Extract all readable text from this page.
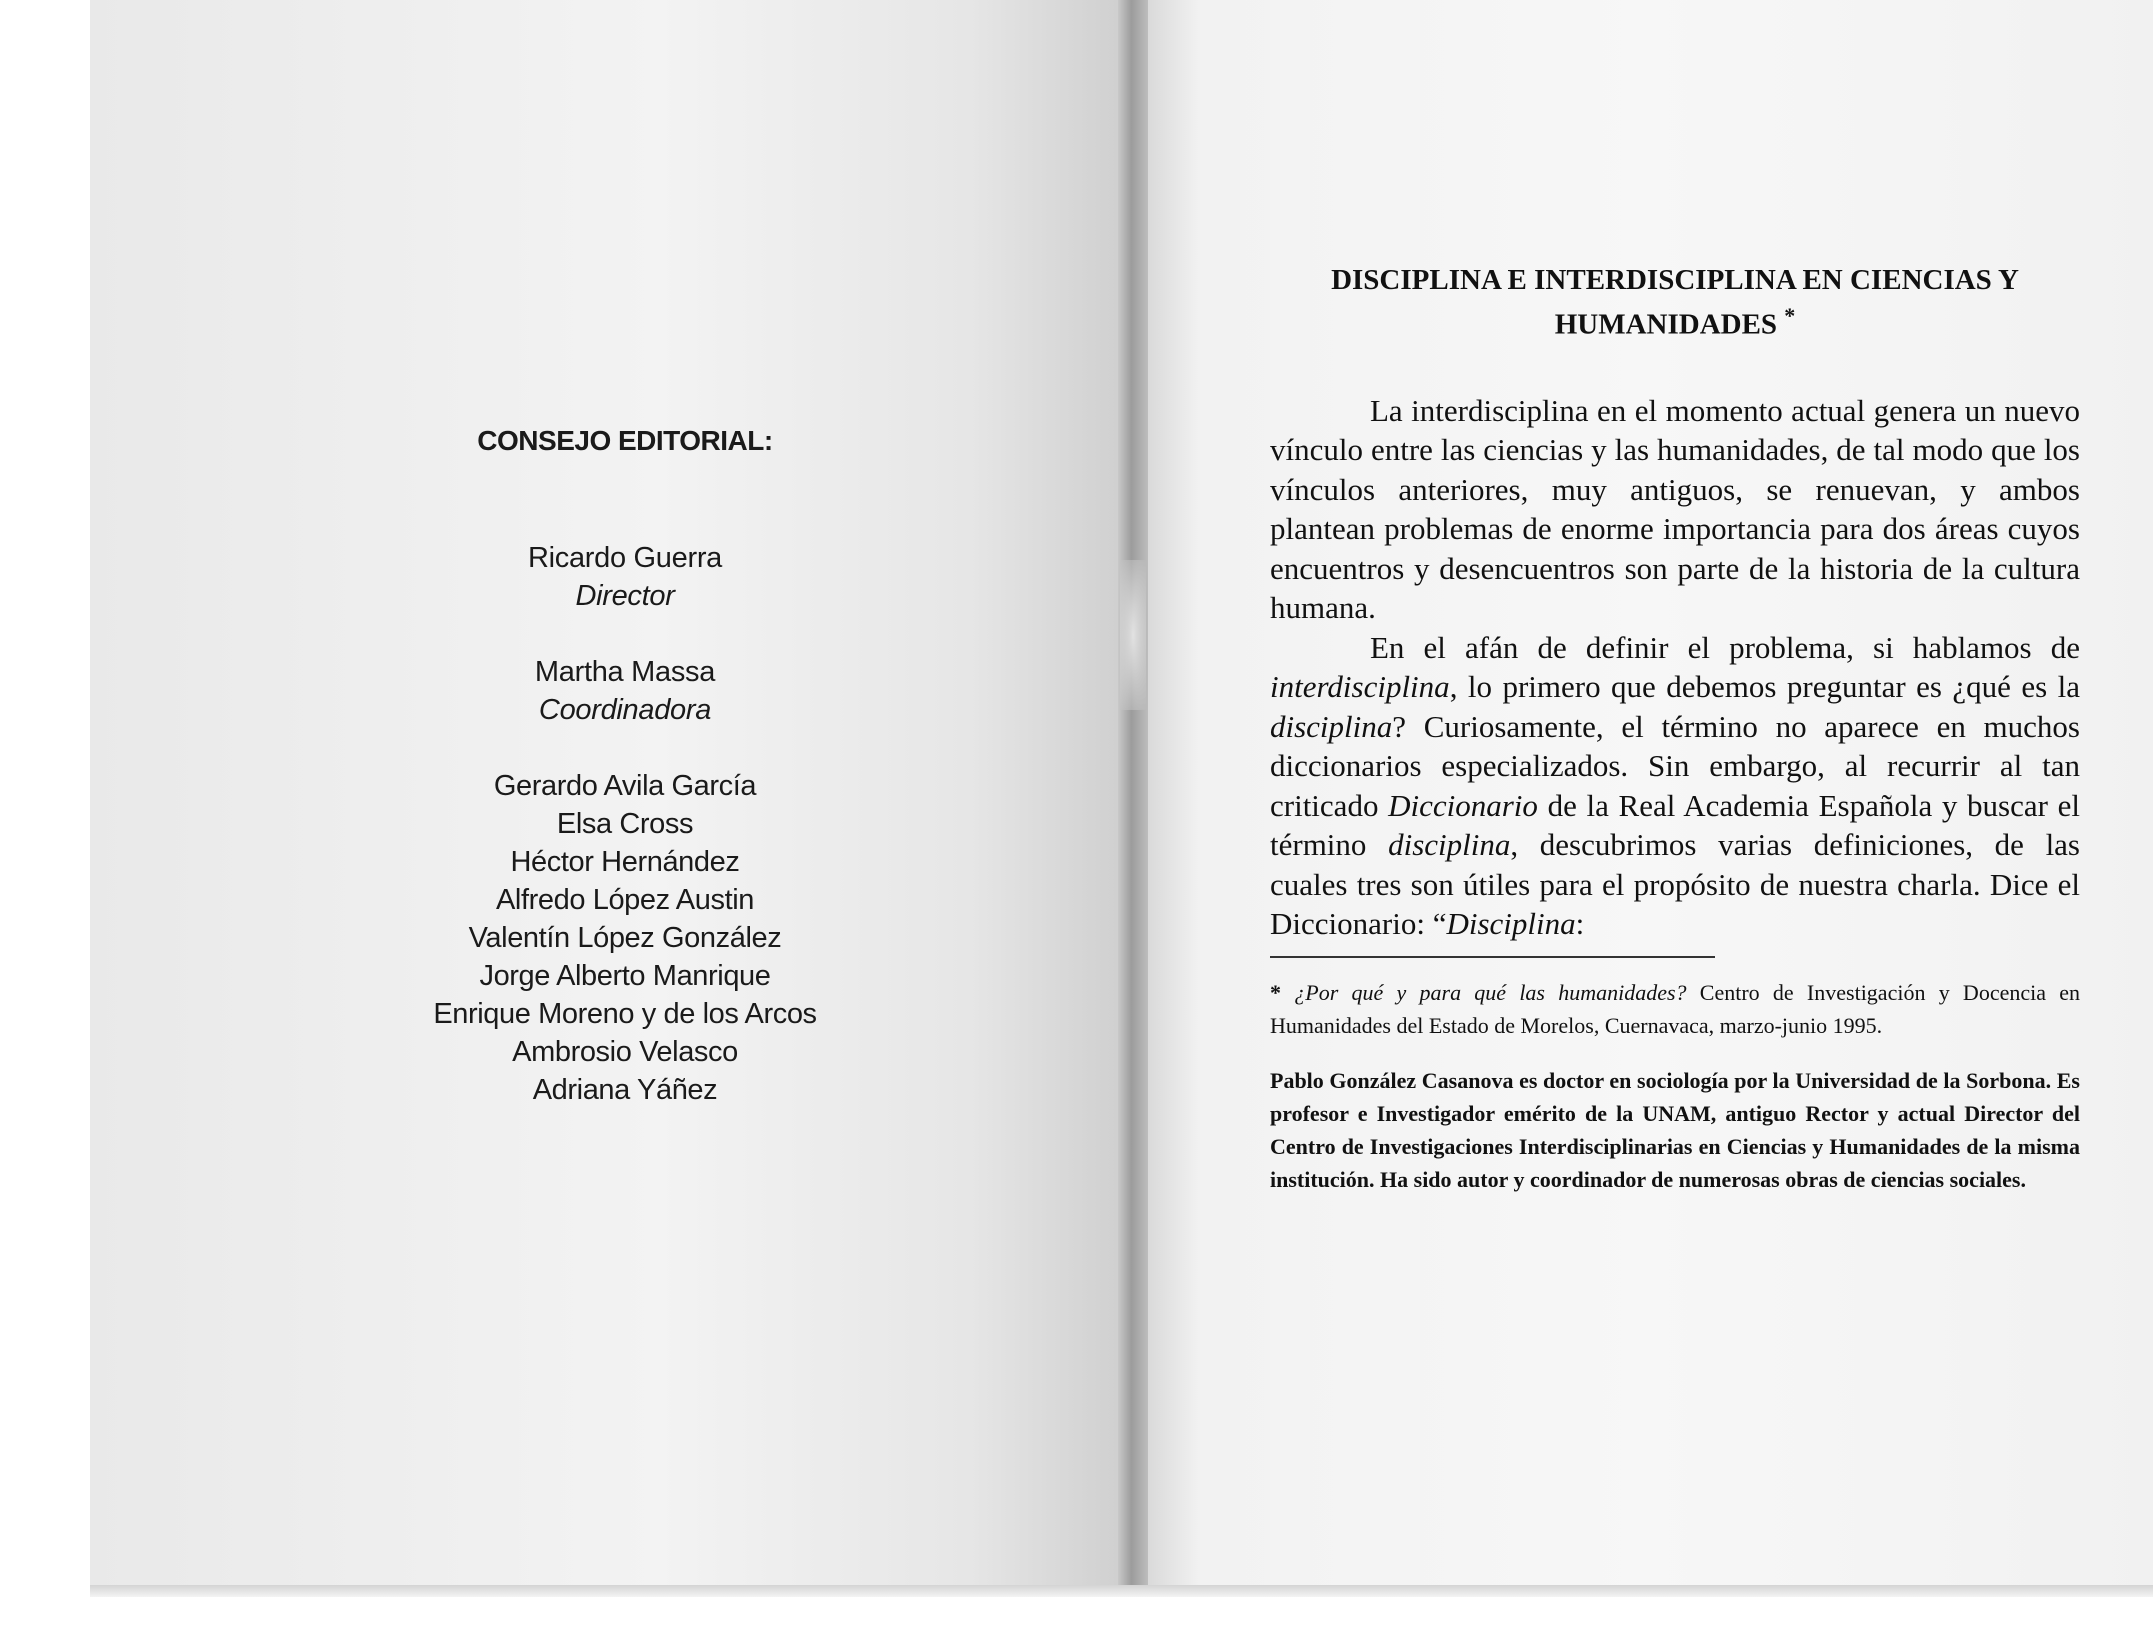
CONSEJO EDITORIAL:
Ricardo Guerra
Director
Martha Massa
Coordinadora
Gerardo Avila García
Elsa Cross
Héctor Hernández
Alfredo López Austin
Valentín López González
Jorge Alberto Manrique
Enrique Moreno y de los Arcos
Ambrosio Velasco
Adriana Yáñez
DISCIPLINA E INTERDISCIPLINA EN CIENCIAS Y
HUMANIDADES *

La interdisciplina en el momento actual genera un nuevo vínculo entre las ciencias y las humanidades, de tal modo que los vínculos anteriores, muy antiguos, se renuevan, y ambos plantean problemas de enorme importancia para dos áreas cuyos encuentros y desencuentros son parte de la historia de la cultura humana.

En el afán de definir el problema, si hablamos de interdisciplina, lo primero que debemos preguntar es ¿qué es la disciplina? Curiosamente, el término no aparece en muchos diccionarios especializados. Sin embargo, al recurrir al tan criticado Diccionario de la Real Academia Española y buscar el término disciplina, descubrimos varias definiciones, de las cuales tres son útiles para el propósito de nuestra charla. Dice el Diccionario: “Disciplina:

* ¿Por qué y para qué las humanidades? Centro de Investigación y Docencia en Humanidades del Estado de Morelos, Cuernavaca, marzo-junio 1995.

Pablo González Casanova es doctor en sociología por la Universidad de la Sorbona. Es profesor e Investigador emérito de la UNAM, antiguo Rector y actual Director del Centro de Investigaciones Interdisciplinarias en Ciencias y Humanidades de la misma institución. Ha sido autor y coordinador de numerosas obras de ciencias sociales.
